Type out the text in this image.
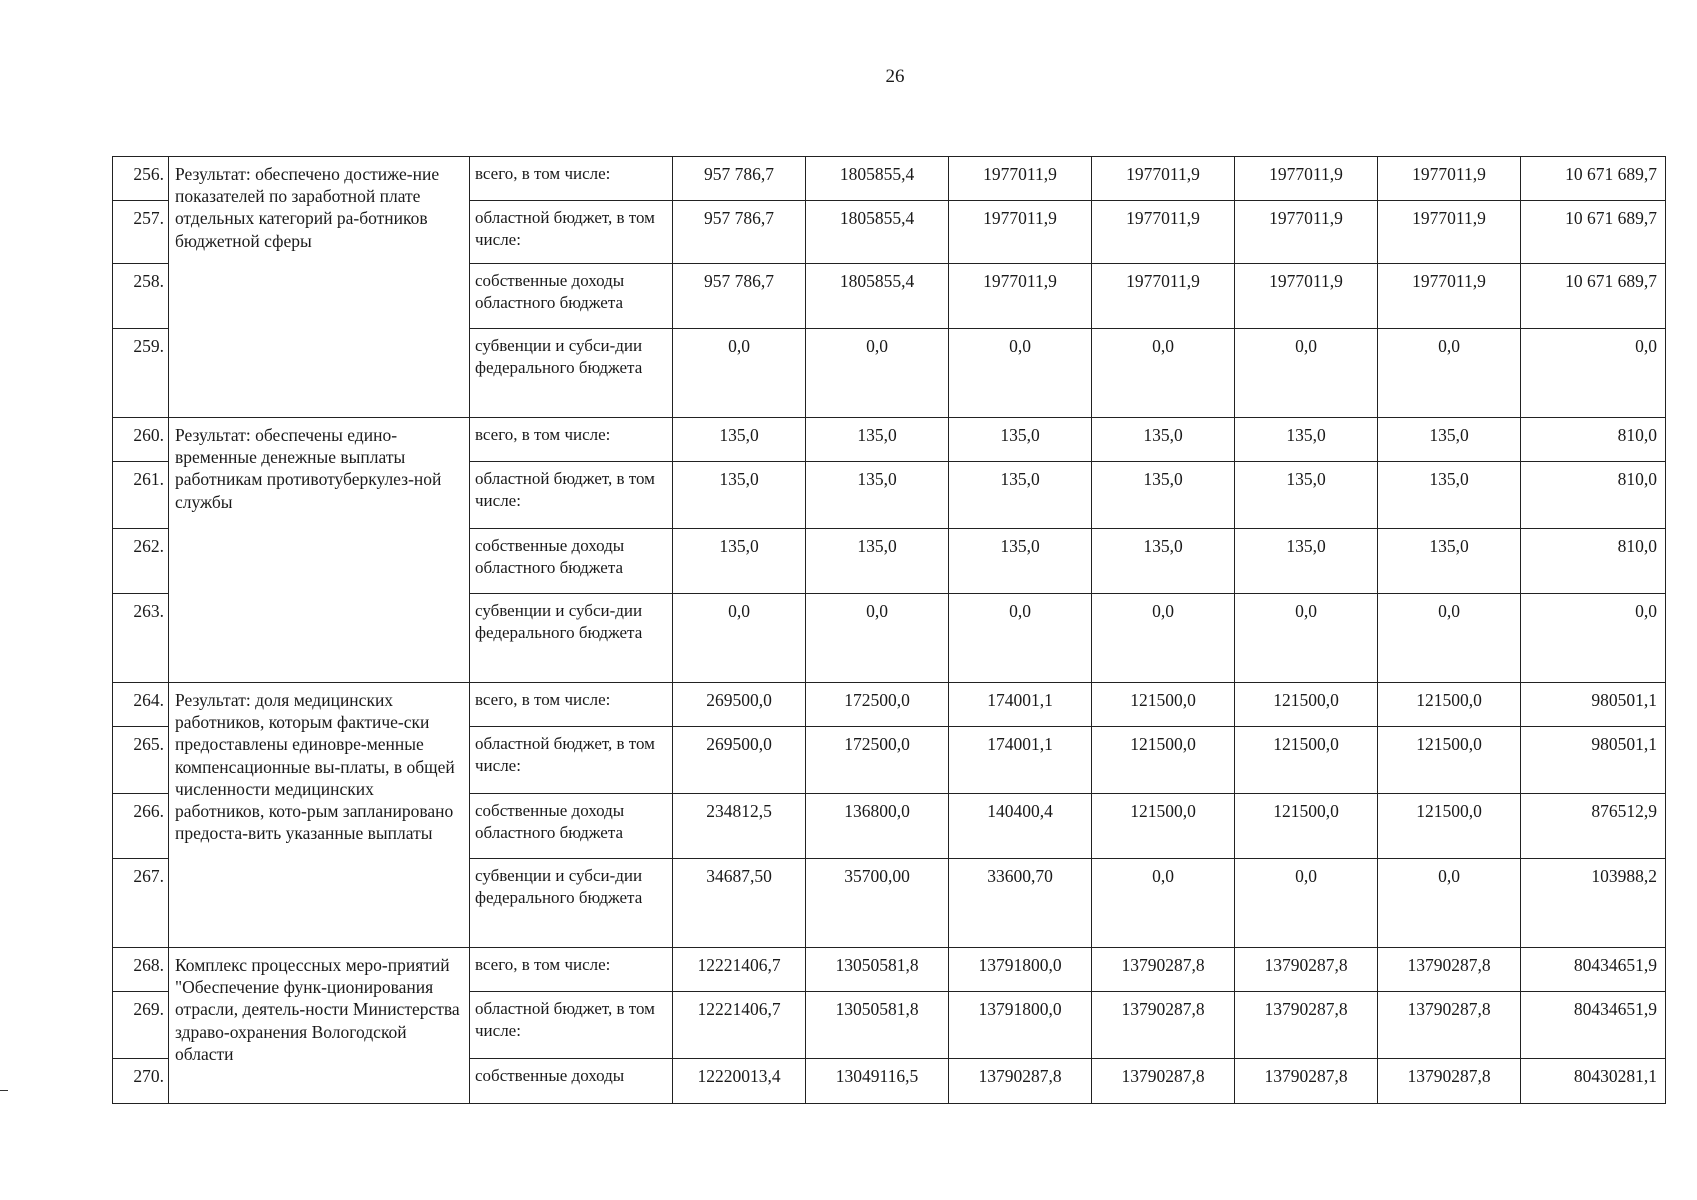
26
256.	Результат: обеспечено достиже-ние показателей по заработной плате отдельных категорий ра-ботников бюджетной сферы	всего, в том числе:	957 786,7	1805855,4	1977011,9	1977011,9	1977011,9	1977011,9	10 671 689,7
257.		областной бюджет, в том числе:	957 786,7	1805855,4	1977011,9	1977011,9	1977011,9	1977011,9	10 671 689,7
258.		собственные доходы областного бюджета	957 786,7	1805855,4	1977011,9	1977011,9	1977011,9	1977011,9	10 671 689,7
259.		субвенции и субси-дии федерального бюджета	0,0	0,0	0,0	0,0	0,0	0,0	0,0
260.	Результат: обеспечены едино-временные денежные выплаты работникам противотуберкулез-ной службы	всего, в том числе:	135,0	135,0	135,0	135,0	135,0	135,0	810,0
261.		областной бюджет, в том числе:	135,0	135,0	135,0	135,0	135,0	135,0	810,0
262.		собственные доходы областного бюджета	135,0	135,0	135,0	135,0	135,0	135,0	810,0
263.		субвенции и субси-дии федерального бюджета	0,0	0,0	0,0	0,0	0,0	0,0	0,0
264.	Результат: доля медицинских работников, которым фактиче-ски предоставлены единовре-менные компенсационные вы-платы, в общей численности медицинских работников, кото-рым запланировано предоста-вить указанные выплаты	всего, в том числе:	269500,0	172500,0	174001,1	121500,0	121500,0	121500,0	980501,1
265.		областной бюджет, в том числе:	269500,0	172500,0	174001,1	121500,0	121500,0	121500,0	980501,1
266.		собственные доходы областного бюджета	234812,5	136800,0	140400,4	121500,0	121500,0	121500,0	876512,9
267.		субвенции и субси-дии федерального бюджета	34687,50	35700,00	33600,70	0,0	0,0	0,0	103988,2
268.	Комплекс процессных меро-приятий "Обеспечение функ-ционирования отрасли, деятель-ности Министерства здраво-охранения Вологодской области	всего, в том числе:	12221406,7	13050581,8	13791800,0	13790287,8	13790287,8	13790287,8	80434651,9
269.		областной бюджет, в том числе:	12221406,7	13050581,8	13791800,0	13790287,8	13790287,8	13790287,8	80434651,9
270.		собственные доходы	12220013,4	13049116,5	13790287,8	13790287,8	13790287,8	13790287,8	80430281,1
